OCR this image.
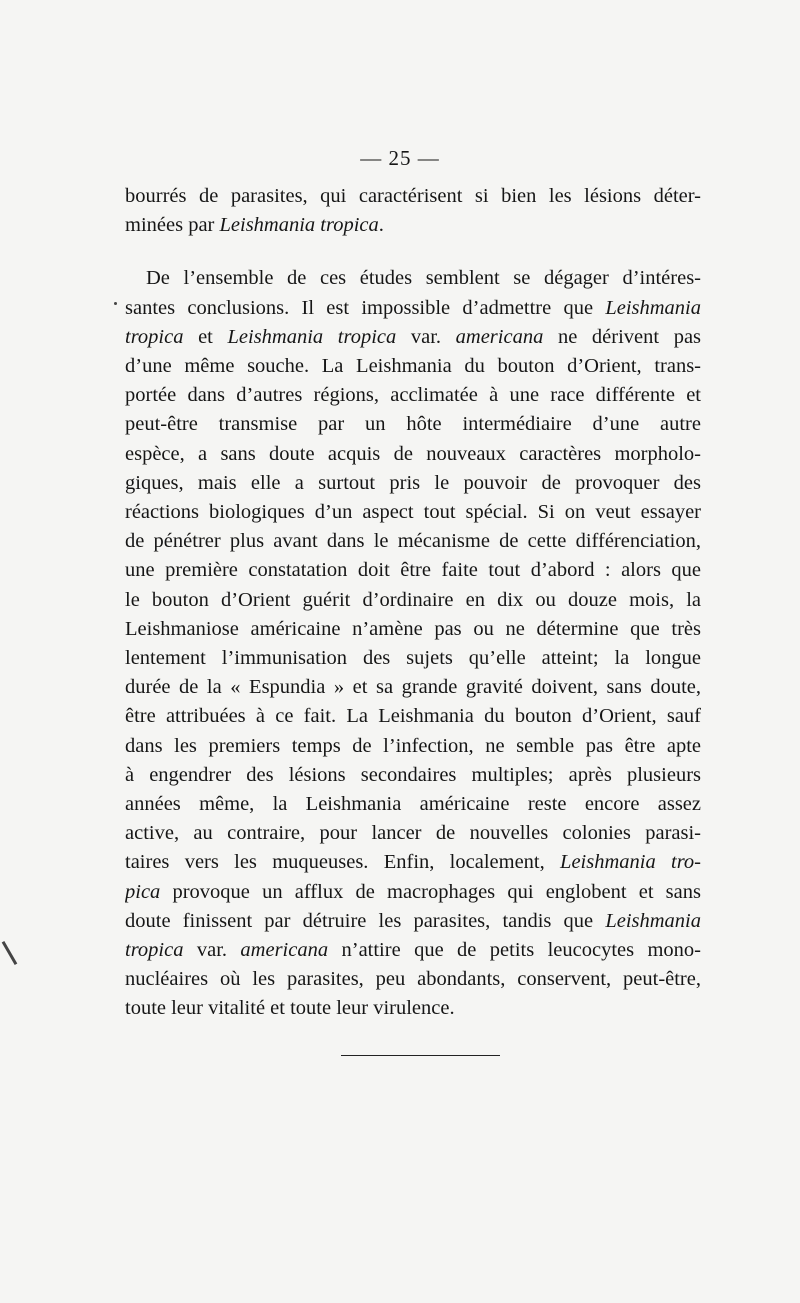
— 25 —
bourrés de parasites, qui caractérisent si bien les lésions déter-
minées par Leishmania tropica.
De l’ensemble de ces études semblent se dégager d’intéres-
santes conclusions. Il est impossible d’admettre que Leishmania
tropica et Leishmania tropica var. americana ne dérivent pas
d’une même souche. La Leishmania du bouton d’Orient, trans-
portée dans d’autres régions, acclimatée à une race différente et
peut-être transmise par un hôte intermédiaire d’une autre
espèce, a sans doute acquis de nouveaux caractères morpholo-
giques, mais elle a surtout pris le pouvoir de provoquer des
réactions biologiques d’un aspect tout spécial. Si on veut essayer
de pénétrer plus avant dans le mécanisme de cette différenciation,
une première constatation doit être faite tout d’abord : alors que
le bouton d’Orient guérit d’ordinaire en dix ou douze mois, la
Leishmaniose américaine n’amène pas ou ne détermine que très
lentement l’immunisation des sujets qu’elle atteint; la longue
durée de la « Espundia » et sa grande gravité doivent, sans doute,
être attribuées à ce fait. La Leishmania du bouton d’Orient, sauf
dans les premiers temps de l’infection, ne semble pas être apte
à engendrer des lésions secondaires multiples; après plusieurs
années même, la Leishmania américaine reste encore assez
active, au contraire, pour lancer de nouvelles colonies parasi-
taires vers les muqueuses. Enfin, localement, Leishmania tro-
pica provoque un afflux de macrophages qui englobent et sans
doute finissent par détruire les parasites, tandis que Leishmania
tropica var. americana n’attire que de petits leucocytes mono-
nucléaires où les parasites, peu abondants, conservent, peut-être,
toute leur vitalité et toute leur virulence.
